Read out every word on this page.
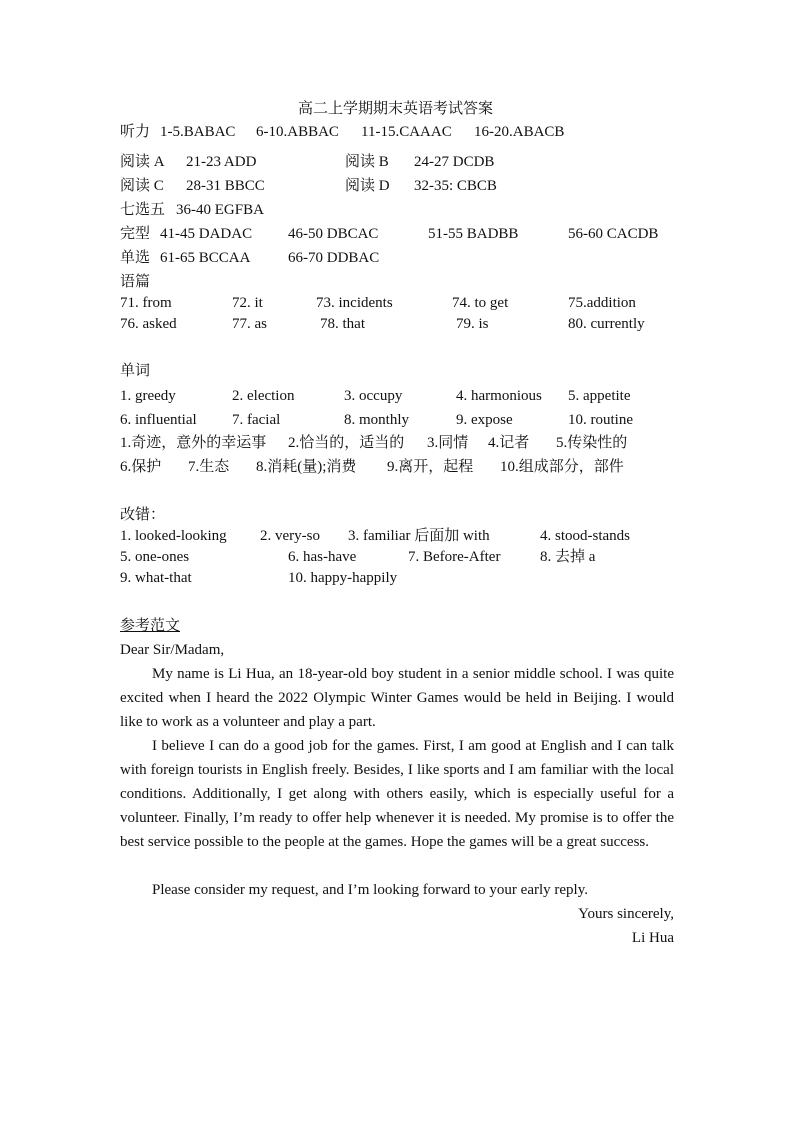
高二上学期期末英语考试答案
听力 1-5.BABAC 6-10.ABBAC 11-15.CAAAC 16-20.ABACB
阅读 A 21-23 ADD	阅读 B 24-27 DCDB
阅读 C 28-31 BBCC	阅读 D 32-35: CBCB
七选五 36-40 EGFBA
完型 41-45 DADAC 46-50 DBCAC	51-55 BADBB	56-60 CACDB
单选 61-65 BCCAA	66-70 DDBAC
语篇
71. from	72. it	73. incidents	74. to get	75.addition
76. asked	77. as	78. that	79. is	80. currently
单词
1. greedy	2. election	3. occupy	4. harmonious 5. appetite
6. influential 7. facial	8. monthly	9. expose	10. routine
1.奇迹，意外的幸运事 2.恰当的，适当的 3.同情 4.记者 5.传染性的
6.保护 7.生态 8.消耗(量);消费 9.离开，起程 10.组成部分，部件
改错：
1. looked-looking 2. very-so 3. familiar 后面加 with	4. stood-stands
5. one-ones	6. has-have	7. Before-After	8. 去掉 a
9. what-that	10. happy-happily
参考范文
Dear Sir/Madam,
My name is Li Hua, an 18-year-old boy student in a senior middle school. I was quite excited when I heard the 2022 Olympic Winter Games would be held in Beijing. I would like to work as a volunteer and play a part.
I believe I can do a good job for the games. First, I am good at English and I can talk with foreign tourists in English freely. Besides, I like sports and I am familiar with the local conditions. Additionally, I get along with others easily, which is especially useful for a volunteer. Finally, I’m ready to offer help whenever it is needed. My promise is to offer the best service possible to the people at the games. Hope the games will be a great success.
Please consider my request, and I’m looking forward to your early reply.
Yours sincerely,
Li Hua
